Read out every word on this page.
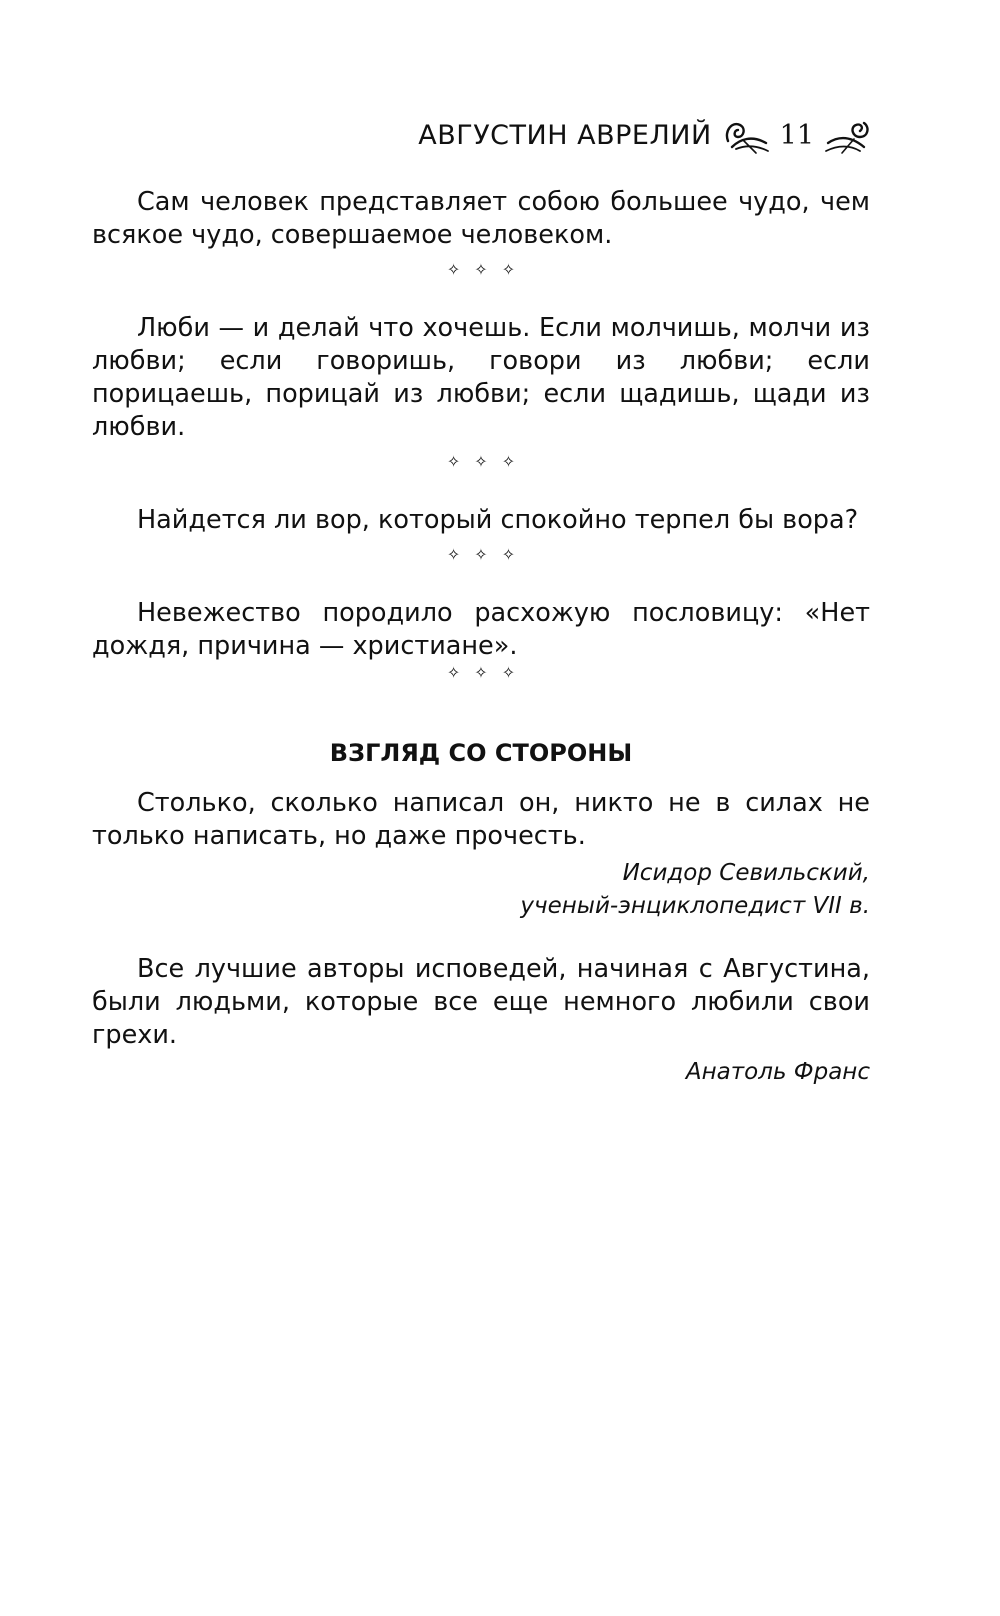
АВГУСТИН АВРЕЛИЙ	11

Сам человек представляет собою большее чудо, чем всякое чудо, совершаемое человеком.

✧✧✧

Люби — и делай что хочешь. Если молчишь, молчи из любви; если говоришь, говори из любви; если порицаешь, порицай из любви; если щадишь, щади из любви.

✧✧✧

Найдется ли вор, который спокойно терпел бы вора?

✧✧✧

Невежество породило расхожую пословицу: «Нет дождя, причина — христиане».

✧✧✧
ВЗГЛЯД СО СТОРОНЫ

Столько, сколько написал он, никто не в силах не только написать, но даже прочесть.

Исидор Севильский,

ученый-энциклопедист VII в.

Все лучшие авторы исповедей, начиная с Августина, были людьми, которые все еще немного любили свои грехи.

Анатоль Франс
